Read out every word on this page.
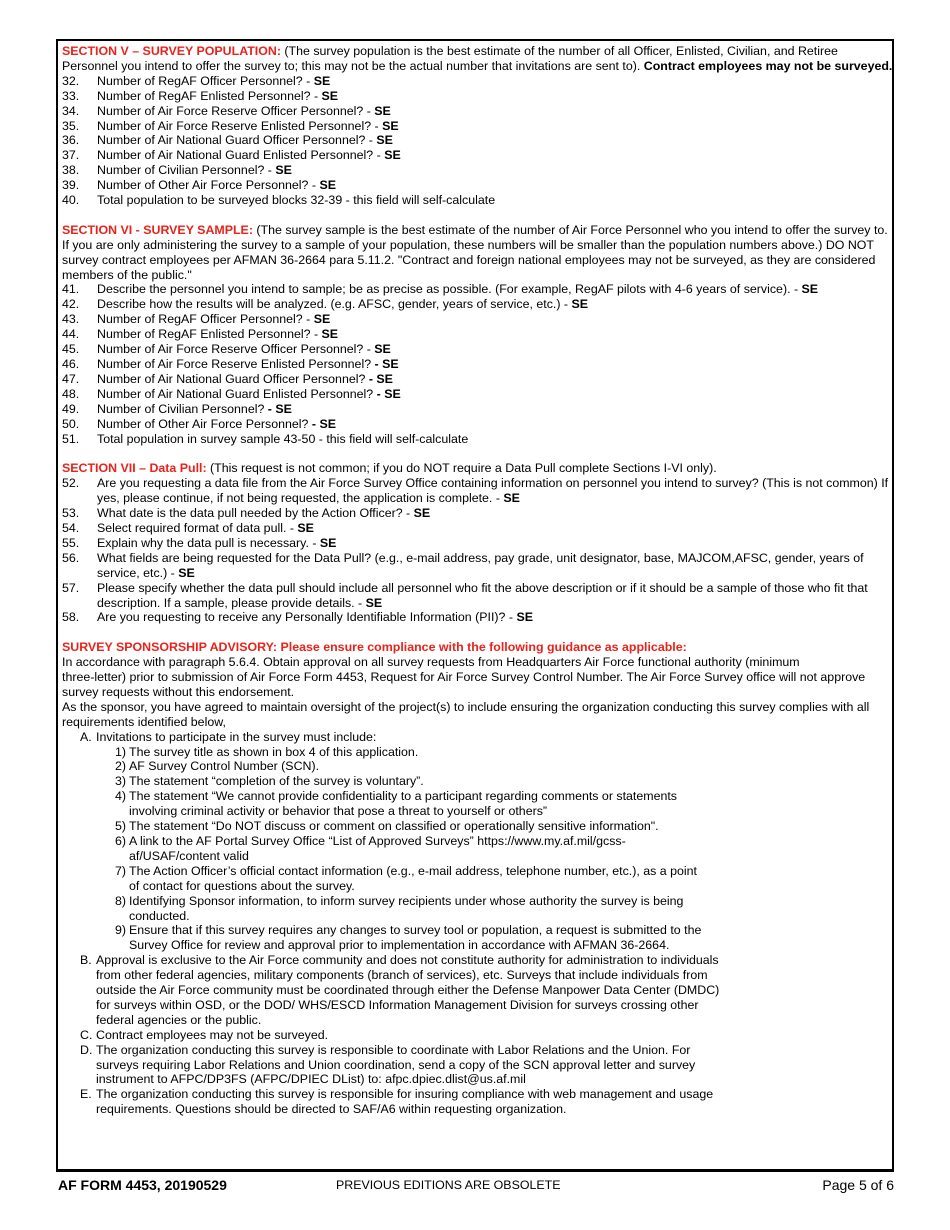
SECTION V – SURVEY POPULATION: (The survey population is the best estimate of the number of all Officer, Enlisted, Civilian, and Retiree Personnel you intend to offer the survey to; this may not be the actual number that invitations are sent to). Contract employees may not be surveyed.

32.	Number of RegAF Officer Personnel? - SE
33.	Number of RegAF Enlisted Personnel? - SE
34.	Number of Air Force Reserve Officer Personnel? - SE
35.	Number of Air Force Reserve Enlisted Personnel? - SE
36.	Number of Air National Guard Officer Personnel? - SE
37.	Number of Air National Guard Enlisted Personnel? - SE
38.	Number of Civilian Personnel? - SE
39.	Number of Other Air Force Personnel? - SE
40.	Total population to be surveyed blocks 32-39 - this field will self-calculate

SECTION VI - SURVEY SAMPLE: (The survey sample is the best estimate of the number of Air Force Personnel who you intend to offer the survey to. If you are only administering the survey to a sample of your population, these numbers will be smaller than the population numbers above.) DO NOT survey contract employees per AFMAN 36-2664 para 5.11.2. "Contract and foreign national employees may not be surveyed, as they are considered members of the public."

41.	Describe the personnel you intend to sample; be as precise as possible. (For example, RegAF pilots with 4-6 years of service). - SE
42.	Describe how the results will be analyzed. (e.g. AFSC, gender, years of service, etc.) - SE
43.	Number of RegAF Officer Personnel? - SE
44.	Number of RegAF Enlisted Personnel? - SE
45.	Number of Air Force Reserve Officer Personnel? - SE
46.	Number of Air Force Reserve Enlisted Personnel? - SE
47.	Number of Air National Guard Officer Personnel? - SE
48.	Number of Air National Guard Enlisted Personnel? - SE
49.	Number of Civilian Personnel? - SE
50.	Number of Other Air Force Personnel? - SE
51.	Total population in survey sample 43-50 - this field will self-calculate

SECTION VII – Data Pull: (This request is not common; if you do NOT require a Data Pull complete Sections I-VI only).

52.	Are you requesting a data file from the Air Force Survey Office containing information on personnel you intend to survey? (This is not common) If yes, please continue, if not being requested, the application is complete. - SE
53.	What date is the data pull needed by the Action Officer? - SE
54.	Select required format of data pull. - SE
55.	Explain why the data pull is necessary. - SE
56.	What fields are being requested for the Data Pull? (e.g., e-mail address, pay grade, unit designator, base, MAJCOM,AFSC, gender, years of service, etc.) - SE
57.	Please specify whether the data pull should include all personnel who fit the above description or if it should be a sample of those who fit that description. If a sample, please provide details. - SE
58.	Are you requesting to receive any Personally Identifiable Information (PII)? - SE

SURVEY SPONSORSHIP ADVISORY: Please ensure compliance with the following guidance as applicable:

In accordance with paragraph 5.6.4. Obtain approval on all survey requests from Headquarters Air Force functional authority (minimum
three-letter) prior to submission of Air Force Form 4453, Request for Air Force Survey Control Number. The Air Force Survey office will not approve survey requests without this endorsement.

As the sponsor, you have agreed to maintain oversight of the project(s) to include ensuring the organization conducting this survey complies with all requirements identified below,

A. Invitations to participate in the survey must include:
1) The survey title as shown in box 4 of this application.
2) AF Survey Control Number (SCN).
3) The statement “completion of the survey is voluntary”.
4) The statement “We cannot provide confidentiality to a participant regarding comments or statements involving criminal activity or behavior that pose a threat to yourself or others”
5) The statement “Do NOT discuss or comment on classified or operationally sensitive information".
6) A link to the AF Portal Survey Office “List of Approved Surveys” https://www.my.af.mil/gcss-af/USAF/content valid
7) The Action Officer’s official contact information (e.g., e-mail address, telephone number, etc.), as a point of contact for questions about the survey.
8) Identifying Sponsor information, to inform survey recipients under whose authority the survey is being conducted.
9) Ensure that if this survey requires any changes to survey tool or population, a request is submitted to the Survey Office for review and approval prior to implementation in accordance with AFMAN 36-2664.
B. Approval is exclusive to the Air Force community and does not constitute authority for administration to individuals from other federal agencies, military components (branch of services), etc. Surveys that include individuals from outside the Air Force community must be coordinated through either the Defense Manpower Data Center (DMDC) for surveys within OSD, or the DOD/ WHS/ESCD Information Management Division for surveys crossing other federal agencies or the public.
C. Contract employees may not be surveyed.
D. The organization conducting this survey is responsible to coordinate with Labor Relations and the Union. For surveys requiring Labor Relations and Union coordination, send a copy of the SCN approval letter and survey instrument to AFPC/DP3FS (AFPC/DPIEC DList) to: afpc.dpiec.dlist@us.af.mil
E. The organization conducting this survey is responsible for insuring compliance with web management and usage requirements. Questions should be directed to SAF/A6 within requesting organization.
AF FORM 4453, 20190529	PREVIOUS EDITIONS ARE OBSOLETE	Page 5 of 6
